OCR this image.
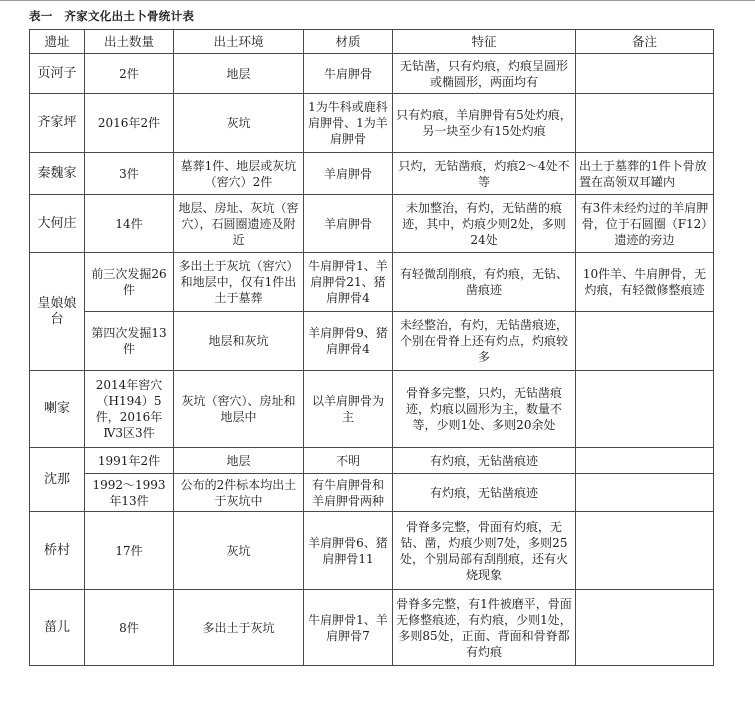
表一　齐家文化出土卜骨统计表
遗址	出土数量	出土环境	材质	特征	备注
页河子	2件	地层	牛肩胛骨	无钻凿，只有灼痕，灼痕呈圆形或椭圆形，两面均有	
齐家坪	2016年2件	灰坑	1为牛科或鹿科肩胛骨、1为羊肩胛骨	只有灼痕，羊肩胛骨有5处灼痕，另一块至少有15处灼痕	
秦魏家	3件	墓葬1件、地层或灰坑（窖穴）2件	羊肩胛骨	只灼，无钻凿痕，灼痕2～4处不等	出土于墓葬的1件卜骨放置在高领双耳罐内
大何庄	14件	地层、房址、灰坑（窖穴），石圆圈遗迹及附近	羊肩胛骨	未加整治，有灼，无钻凿的痕迹，其中，灼痕少则2处，多则24处	有3件未经灼过的羊肩胛骨，位于石圆圈（F12）遗迹的旁边
皇娘娘台	前三次发掘26件	多出土于灰坑（窖穴）和地层中，仅有1件出土于墓葬	牛肩胛骨1、羊肩胛骨21、猪肩胛骨4	有轻微刮削痕，有灼痕，无钻、凿痕迹	10件羊、牛肩胛骨，无灼痕，有轻微修整痕迹
	第四次发掘13件	地层和灰坑	羊肩胛骨9、猪肩胛骨4	未经整治，有灼，无钻凿痕迹，个别在骨脊上还有灼点，灼痕较多	
喇家	2014年窖穴（H194）5件，2016年Ⅳ3区3件	灰坑（窖穴）、房址和地层中	以羊肩胛骨为主	骨脊多完整，只灼，无钻凿痕迹，灼痕以圆形为主，数量不等，少则1处、多则20余处	
沈那	1991年2件	地层	不明	有灼痕，无钻凿痕迹	
	1992～1993年13件	公布的2件标本均出土于灰坑中	有牛肩胛骨和羊肩胛骨两种	有灼痕，无钻凿痕迹	
桥村	17件	灰坑	羊肩胛骨6、猪肩胛骨11	骨脊多完整，骨面有灼痕，无钻、凿，灼痕少则7处，多则25处，个别局部有刮削痕，还有火烧现象	
菑儿	8件	多出土于灰坑	牛肩胛骨1、羊肩胛骨7	骨脊多完整，有1件被磨平，骨面无修整痕迹，有灼痕，少则1处，多则85处，正面、背面和骨脊都有灼痕	
